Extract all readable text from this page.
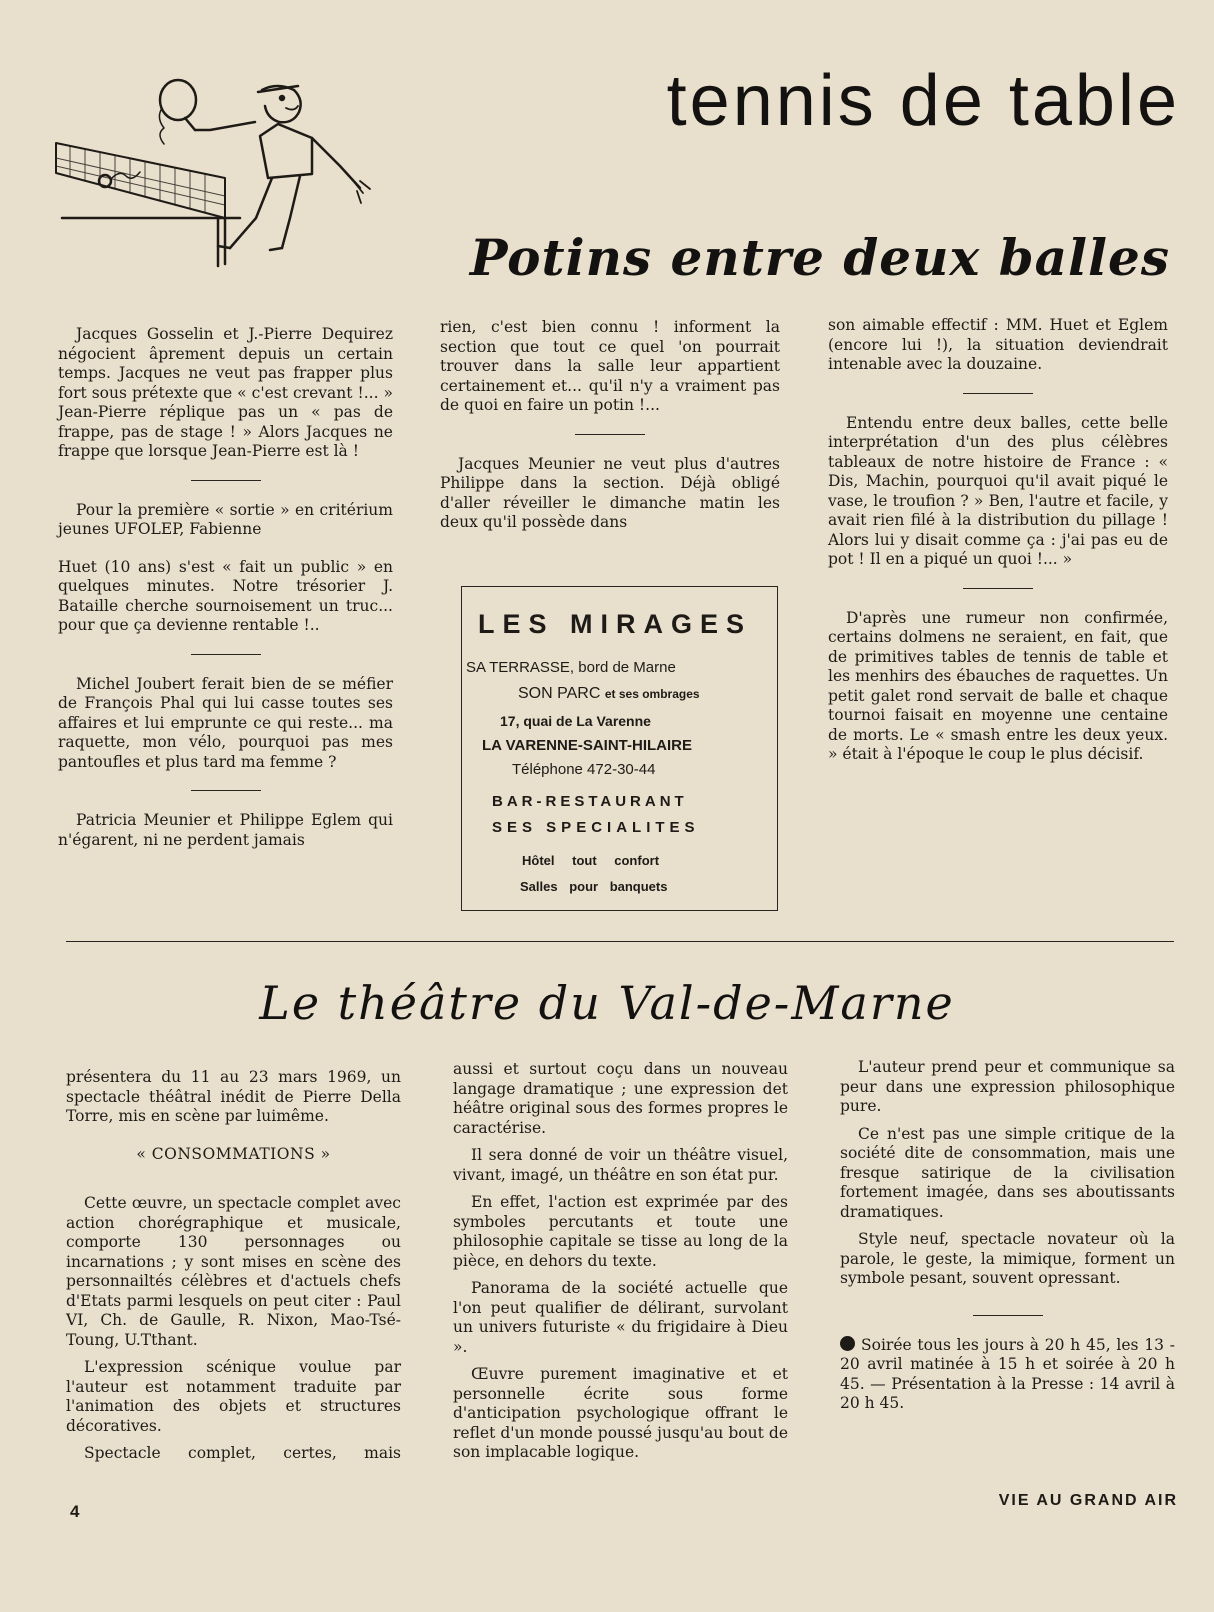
tennis de table
Potins entre deux balles

Jacques Gosselin et J.-Pierre Dequirez négocient âprement depuis un certain temps. Jacques ne veut pas frapper plus fort sous prétexte que « c'est crevant !... » Jean-Pierre réplique pas un « pas de frappe, pas de stage ! » Alors Jacques ne frappe que lorsque Jean-Pierre est là !

Pour la première « sortie » en critérium jeunes UFOLEP, Fabienne

Huet (10 ans) s'est « fait un public » en quelques minutes. Notre trésorier J. Bataille cherche sournoisement un truc... pour que ça devienne rentable !..

Michel Joubert ferait bien de se méfier de François Phal qui lui casse toutes ses affaires et lui emprunte ce qui reste... ma raquette, mon vélo, pourquoi pas mes pantoufles et plus tard ma femme ?

Patricia Meunier et Philippe Eglem qui n'égarent, ni ne perdent jamais

rien, c'est bien connu ! informent la section que tout ce quel 'on pourrait trouver dans la salle leur appartient certainement et... qu'il n'y a vraiment pas de quoi en faire un potin !...

Jacques Meunier ne veut plus d'autres Philippe dans la section. Déjà obligé d'aller réveiller le dimanche matin les deux qu'il possède dans

son aimable effectif : MM. Huet et Eglem (encore lui !), la situation deviendrait intenable avec la douzaine.

Entendu entre deux balles, cette belle interprétation d'un des plus célèbres tableaux de notre histoire de France : « Dis, Machin, pourquoi qu'il avait piqué le vase, le troufion ? » Ben, l'autre et facile, y avait rien filé à la distribution du pillage ! Alors lui y disait comme ça : j'ai pas eu de pot ! Il en a piqué un quoi !... »

D'après une rumeur non confirmée, certains dolmens ne seraient, en fait, que de primitives tables de tennis de table et les menhirs des ébauches de raquettes. Un petit galet rond servait de balle et chaque tournoi faisait en moyenne une centaine de morts. Le « smash entre les deux yeux. » était à l'époque le coup le plus décisif.

LES MIRAGES
SA TERRASSE, bord de Marne
SON PARC et ses ombrages
17, quai de La Varenne
LA VARENNE-SAINT-HILAIRE
Téléphone 472-30-44
BAR-RESTAURANT
SES SPECIALITES
Hôtel tout confort
Salles pour banquets
Le théâtre du Val-de-Marne

présentera du 11 au 23 mars 1969, un spectacle théâtral inédit de Pierre Della Torre, mis en scène par luimême.

« CONSOMMATIONS »

Cette œuvre, un spectacle complet avec action chorégraphique et musicale, comporte 130 personnages ou incarnations ; y sont mises en scène des personnailtés célèbres et d'actuels chefs d'Etats parmi lesquels on peut citer : Paul VI, Ch. de Gaulle, R. Nixon, Mao-Tsé-Toung, U.Tthant.

L'expression scénique voulue par l'auteur est notamment traduite par l'animation des objets et structures décoratives.

Spectacle complet, certes, mais

aussi et surtout coçu dans un nouveau langage dramatique ; une expression det héâtre original sous des formes propres le caractérise.

Il sera donné de voir un théâtre visuel, vivant, imagé, un théâtre en son état pur.

En effet, l'action est exprimée par des symboles percutants et toute une philosophie capitale se tisse au long de la pièce, en dehors du texte.

Panorama de la société actuelle que l'on peut qualifier de délirant, survolant un univers futuriste « du frigidaire à Dieu ».

Œuvre purement imaginative et et personnelle écrite sous forme d'anticipation psychologique offrant le reflet d'un monde poussé jusqu'au bout de son implacable logique.

L'auteur prend peur et communique sa peur dans une expression philosophique pure.

Ce n'est pas une simple critique de la société dite de consommation, mais une fresque satirique de la civilisation fortement imagée, dans ses aboutissants dramatiques.

Style neuf, spectacle novateur où la parole, le geste, la mimique, forment un symbole pesant, souvent opressant.

Soirée tous les jours à 20 h 45, les 13 - 20 avril matinée à 15 h et soirée à 20 h 45. — Présentation à la Presse : 14 avril à 20 h 45.

4
VIE AU GRAND AIR
